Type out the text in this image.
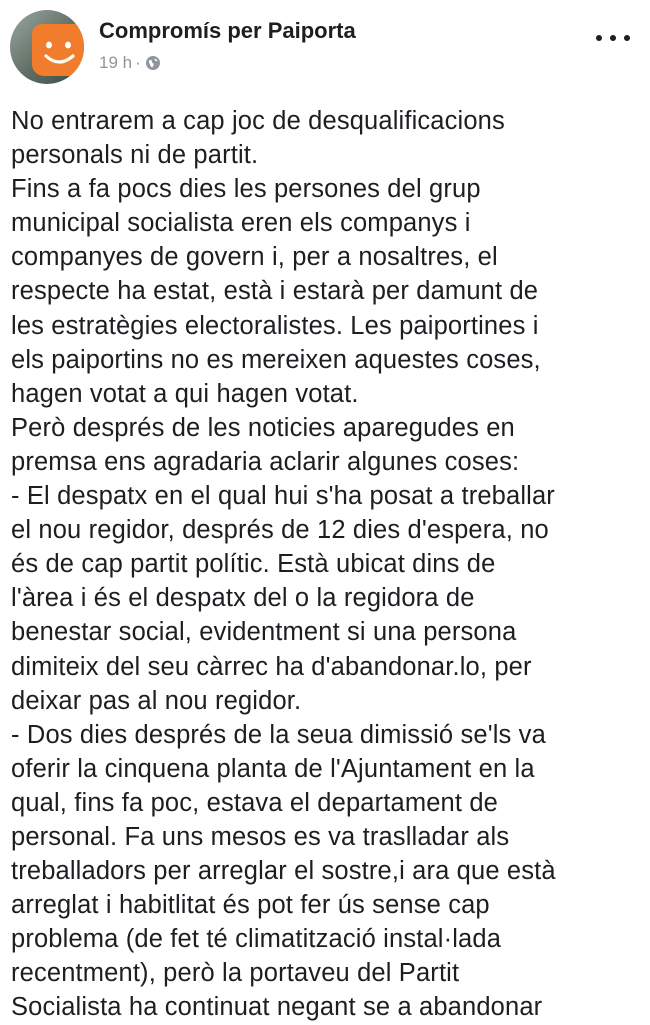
Compromís per Paiporta
19 h ·
No entrarem a cap joc de desqualificacions
personals ni de partit.
Fins a fa pocs dies les persones del grup
municipal socialista eren els companys i
companyes de govern i, per a nosaltres, el
respecte ha estat, està i estarà per damunt de
les estratègies electoralistes. Les paiportines i
els paiportins no es mereixen aquestes coses,
hagen votat a qui hagen votat.
Però després de les noticies aparegudes en
premsa ens agradaria aclarir algunes coses:
- El despatx en el qual hui s'ha posat a treballar
el nou regidor, després de 12 dies d'espera, no
és de cap partit polític. Està ubicat dins de
l'àrea i és el despatx del o la regidora de
benestar social, evidentment si una persona
dimiteix del seu càrrec ha d'abandonar.lo, per
deixar pas al nou regidor.
- Dos dies després de la seua dimissió se'ls va
oferir la cinquena planta de l'Ajuntament en la
qual, fins fa poc, estava el departament de
personal. Fa uns mesos es va traslladar als
treballadors per arreglar el sostre,i ara que està
arreglat i habitlitat és pot fer ús sense cap
problema (de fet té climatització instal·lada
recentment), però la portaveu del Partit
Socialista ha continuat negant se a abandonar
